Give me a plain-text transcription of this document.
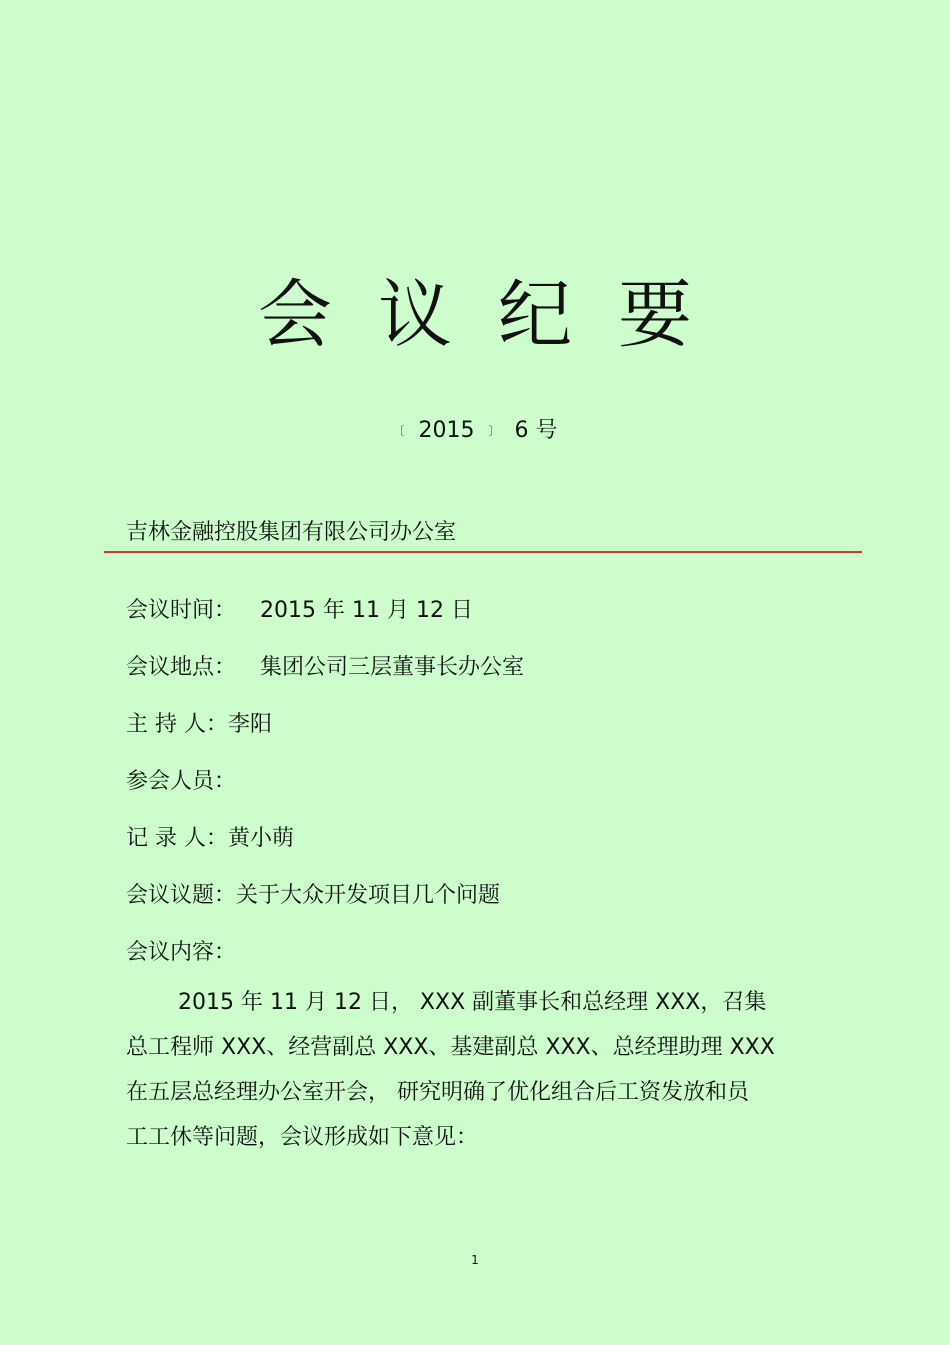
会 议 纪 要
〔 2015 〕 6 号
吉林金融控股集团有限公司办公室
会议时间： 2015 年 11 月 12 日
会议地点： 集团公司三层董事长办公室
主 持 人：李阳
参会人员：
记 录 人：黄小萌
会议议题：关于大众开发项目几个问题
会议内容：
2015 年 11 月 12 日， XXX 副董事长和总经理 XXX，召集
总工程师 XXX、经营副总 XXX、基建副总 XXX、总经理助理 XXX
在五层总经理办公室开会， 研究明确了优化组合后工资发放和员
工工休等问题，会议形成如下意见：
1
